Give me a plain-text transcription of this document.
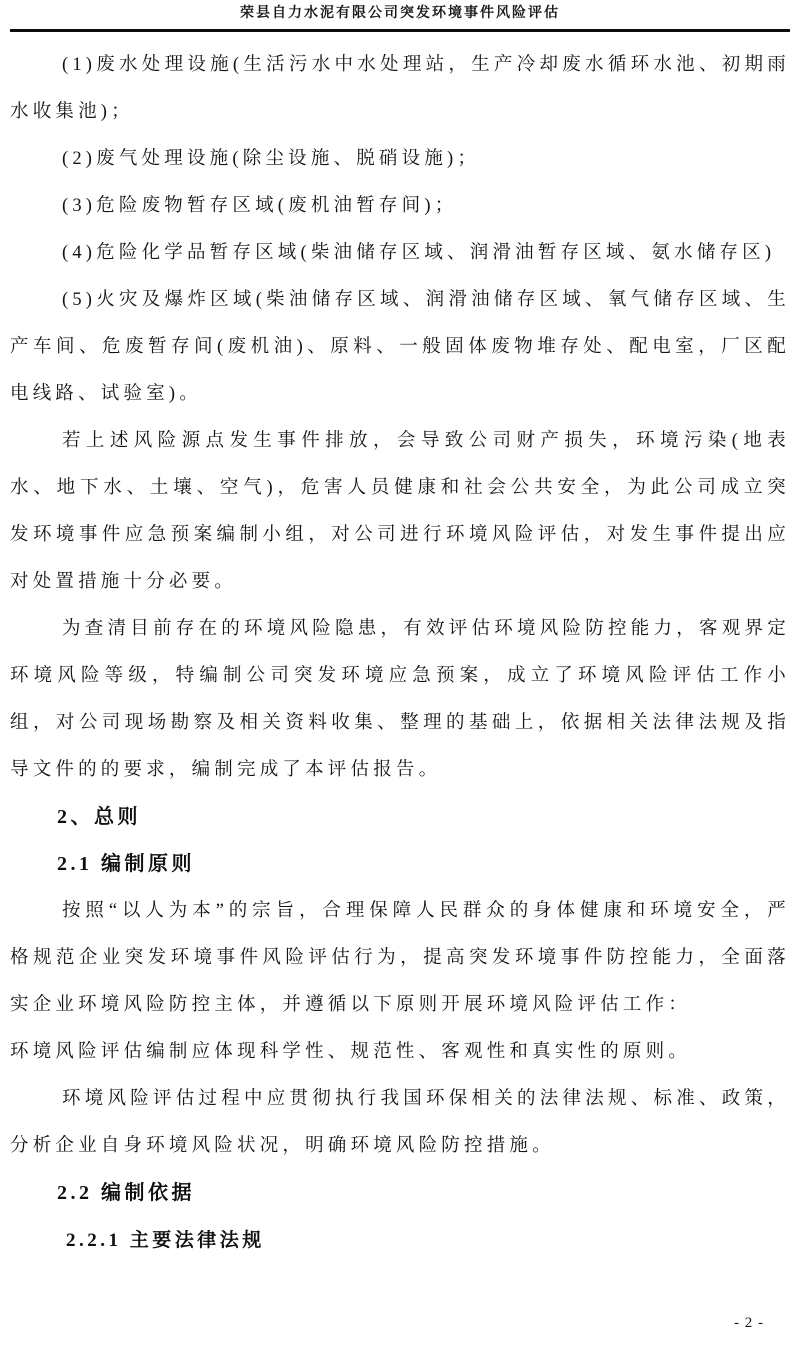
荣县自力水泥有限公司突发环境事件风险评估

(1)废水处理设施(生活污水中水处理站，生产冷却废水循环水池、初期雨水收集池)；

(2)废气处理设施(除尘设施、脱硝设施)；

(3)危险废物暂存区域(废机油暂存间)；

(4)危险化学品暂存区域(柴油储存区域、润滑油暂存区域、氨水储存区)

(5)火灾及爆炸区域(柴油储存区域、润滑油储存区域、氧气储存区域、生产车间、危废暂存间(废机油)、原料、一般固体废物堆存处、配电室，厂区配电线路、试验室)。

若上述风险源点发生事件排放，会导致公司财产损失，环境污染(地表水、地下水、土壤、空气)，危害人员健康和社会公共安全，为此公司成立突发环境事件应急预案编制小组，对公司进行环境风险评估，对发生事件提出应对处置措施十分必要。

为查清目前存在的环境风险隐患，有效评估环境风险防控能力，客观界定环境风险等级，特编制公司突发环境应急预案，成立了环境风险评估工作小组，对公司现场勘察及相关资料收集、整理的基础上，依据相关法律法规及指导文件的的要求，编制完成了本评估报告。

2、总则
2.1 编制原则

按照“以人为本”的宗旨，合理保障人民群众的身体健康和环境安全，严格规范企业突发环境事件风险评估行为，提高突发环境事件防控能力，全面落实企业环境风险防控主体，并遵循以下原则开展环境风险评估工作：

环境风险评估编制应体现科学性、规范性、客观性和真实性的原则。

环境风险评估过程中应贯彻执行我国环保相关的法律法规、标准、政策，分析企业自身环境风险状况，明确环境风险防控措施。

2.2 编制依据
2.2.1 主要法律法规
- 2 -
